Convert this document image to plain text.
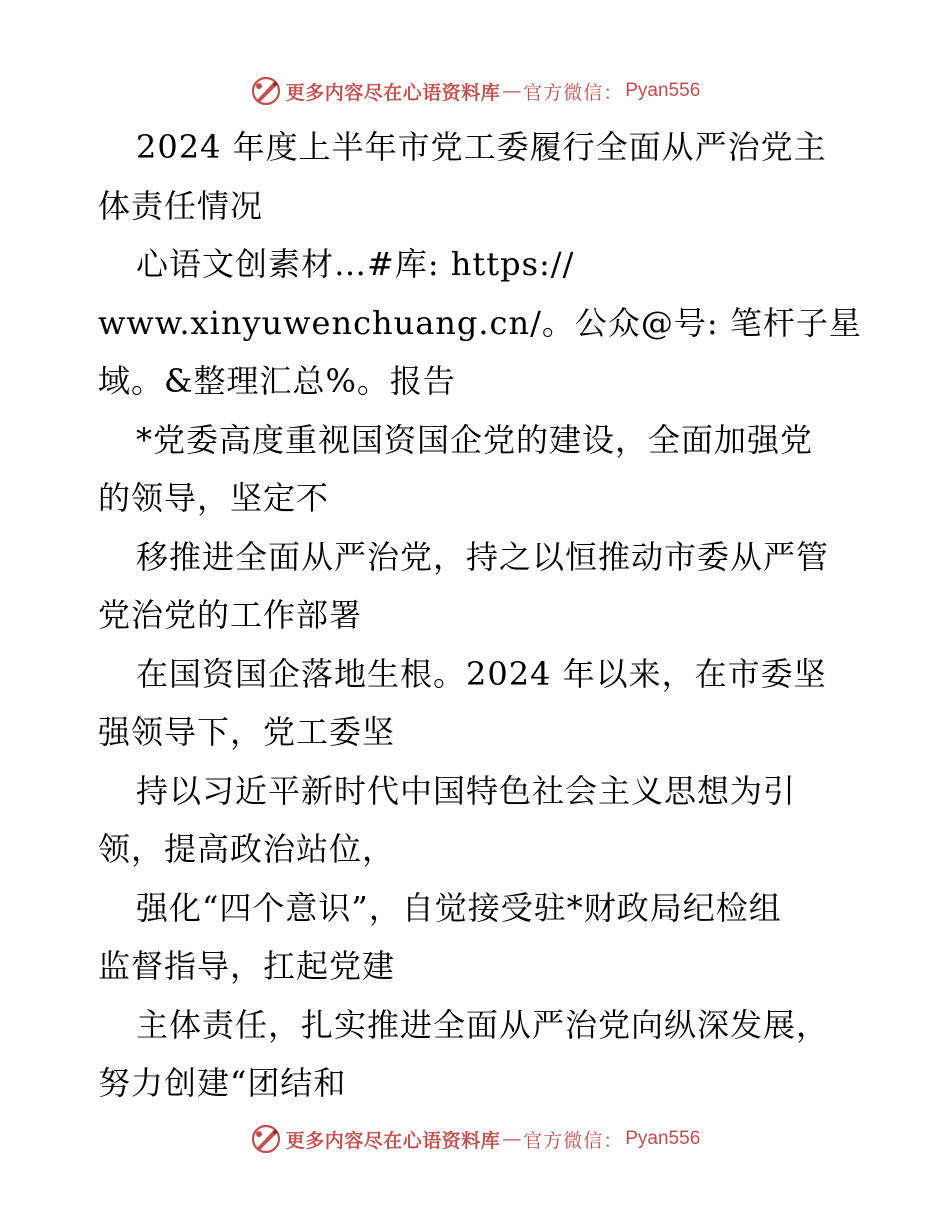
更多内容尽在心语资料库 — 官方微信： Pyan556
2024 年度上半年市党工委履行全面从严治党主
体责任情况
心语文创素材…#库: https://
www.xinyuwenchuang.cn/。公众@号: 笔杆子星
域。&整理汇总%。报告
*党委高度重视国资国企党的建设，全面加强党
的领导，坚定不
移推进全面从严治党，持之以恒推动市委从严管
党治党的工作部署
在国资国企落地生根。2024 年以来，在市委坚
强领导下，党工委坚
持以习近平新时代中国特色社会主义思想为引
领，提高政治站位，
强化“四个意识”，自觉接受驻*财政局纪检组
监督指导，扛起党建
主体责任，扎实推进全面从严治党向纵深发展，
努力创建“团结和
更多内容尽在心语资料库 — 官方微信： Pyan556
